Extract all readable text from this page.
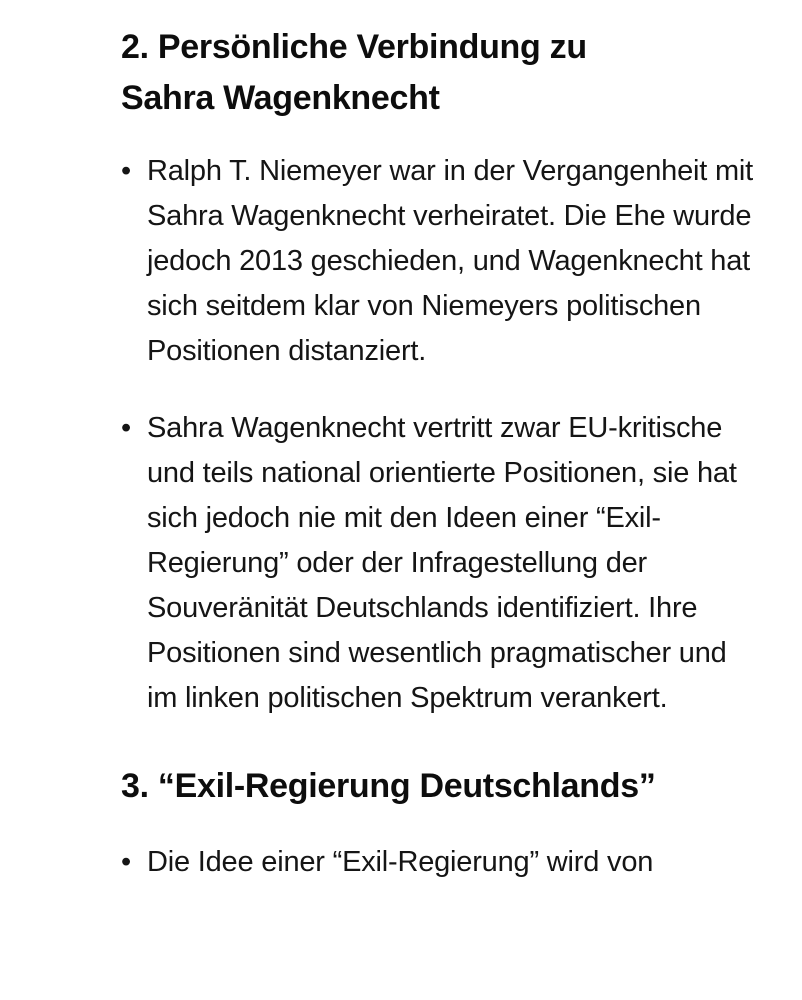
2. Persönliche Verbindung zu Sahra Wagenknecht
• Ralph T. Niemeyer war in der Vergangenheit mit Sahra Wagenknecht verheiratet. Die Ehe wurde jedoch 2013 geschieden, und Wagenknecht hat sich seitdem klar von Niemeyers politischen Positionen distanziert.
• Sahra Wagenknecht vertritt zwar EU-kritische und teils national orientierte Positionen, sie hat sich jedoch nie mit den Ideen einer “Exil-Regierung” oder der Infragestellung der Souveränität Deutschlands identifiziert. Ihre Positionen sind wesentlich pragmatischer und im linken politischen Spektrum verankert.
3. “Exil-Regierung Deutschlands”
• Die Idee einer “Exil-Regierung” wird von
